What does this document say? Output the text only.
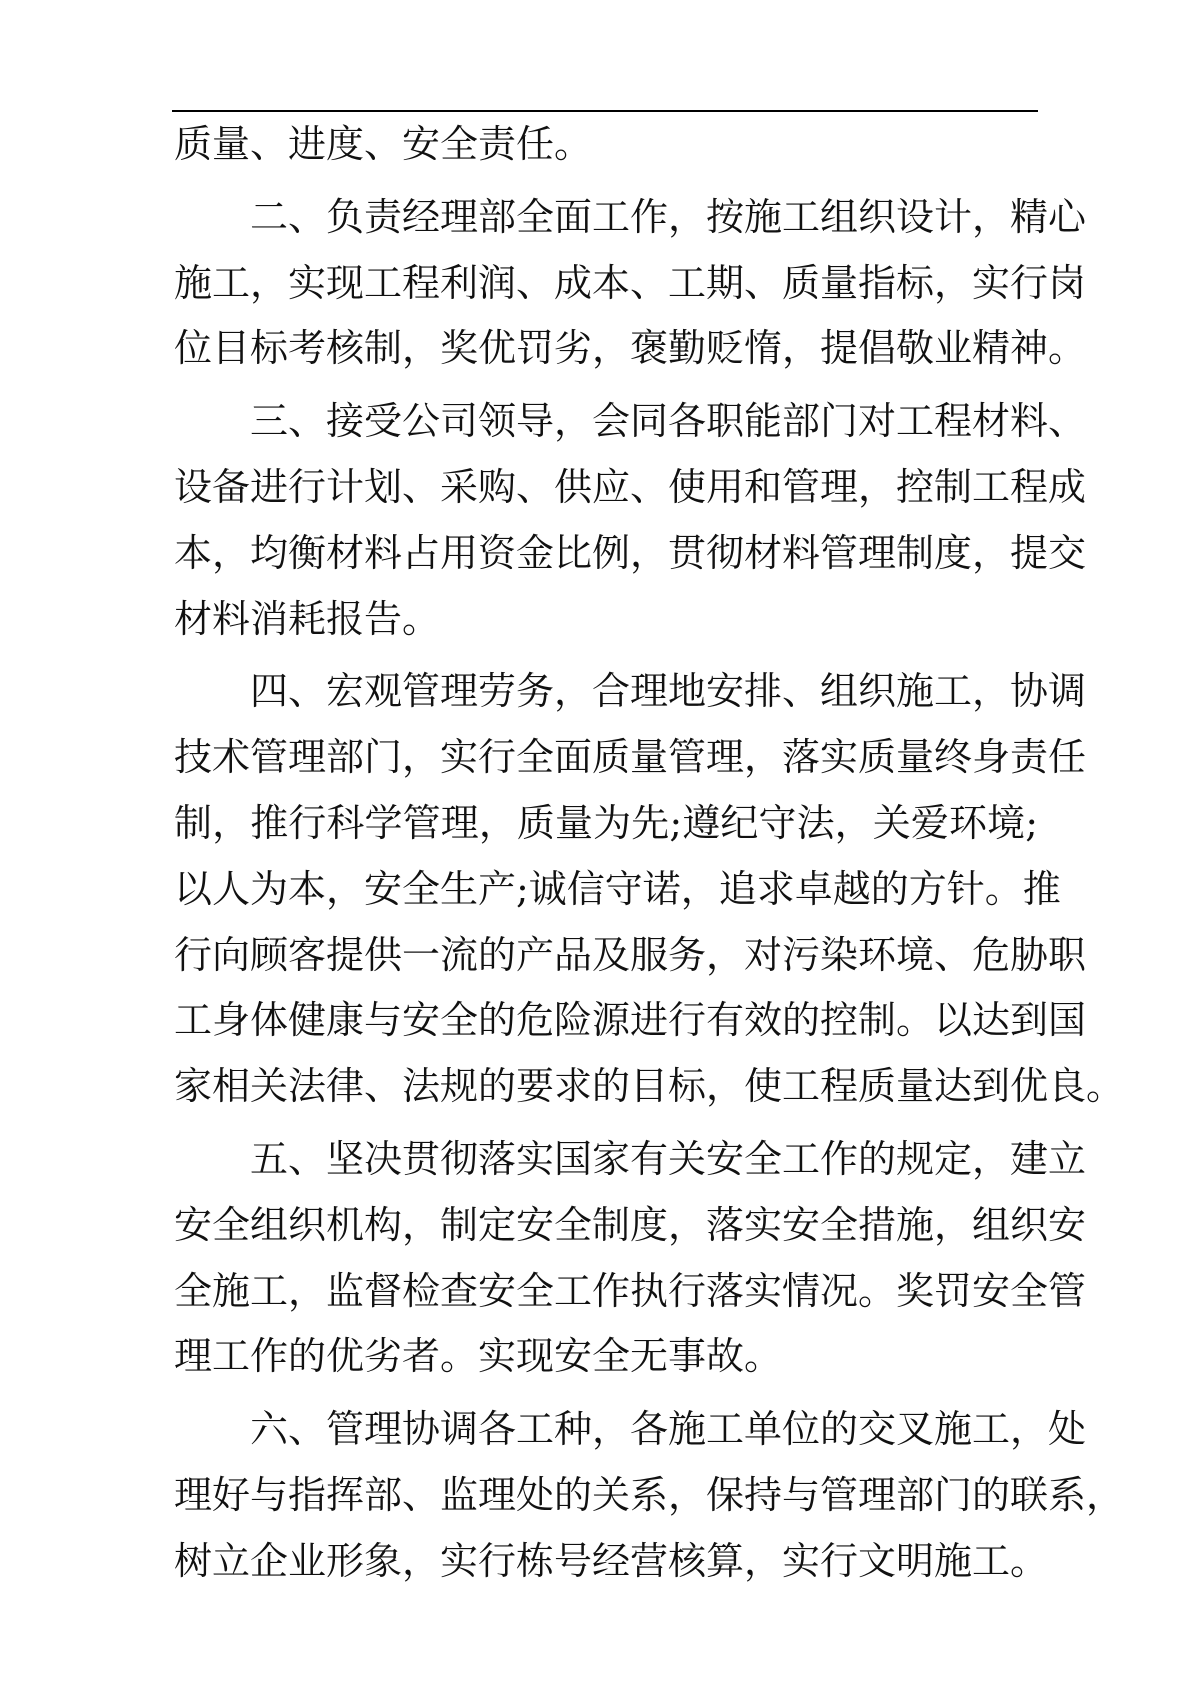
质量、进度、安全责任。
二、负责经理部全面工作，按施工组织设计，精心
施工，实现工程利润、成本、工期、质量指标，实行岗
位目标考核制，奖优罚劣，褒勤贬惰，提倡敬业精神。
三、接受公司领导，会同各职能部门对工程材料、
设备进行计划、采购、供应、使用和管理，控制工程成
本，均衡材料占用资金比例，贯彻材料管理制度，提交
材料消耗报告。
四、宏观管理劳务，合理地安排、组织施工，协调
技术管理部门，实行全面质量管理，落实质量终身责任
制，推行科学管理，质量为先;遵纪守法，关爱环境;
以人为本，安全生产;诚信守诺，追求卓越的方针。推
行向顾客提供一流的产品及服务，对污染环境、危胁职
工身体健康与安全的危险源进行有效的控制。以达到国
家相关法律、法规的要求的目标，使工程质量达到优良。
五、坚决贯彻落实国家有关安全工作的规定，建立
安全组织机构，制定安全制度，落实安全措施，组织安
全施工，监督检查安全工作执行落实情况。奖罚安全管
理工作的优劣者。实现安全无事故。
六、管理协调各工种，各施工单位的交叉施工，处
理好与指挥部、监理处的关系，保持与管理部门的联系，
树立企业形象，实行栋号经营核算，实行文明施工。
